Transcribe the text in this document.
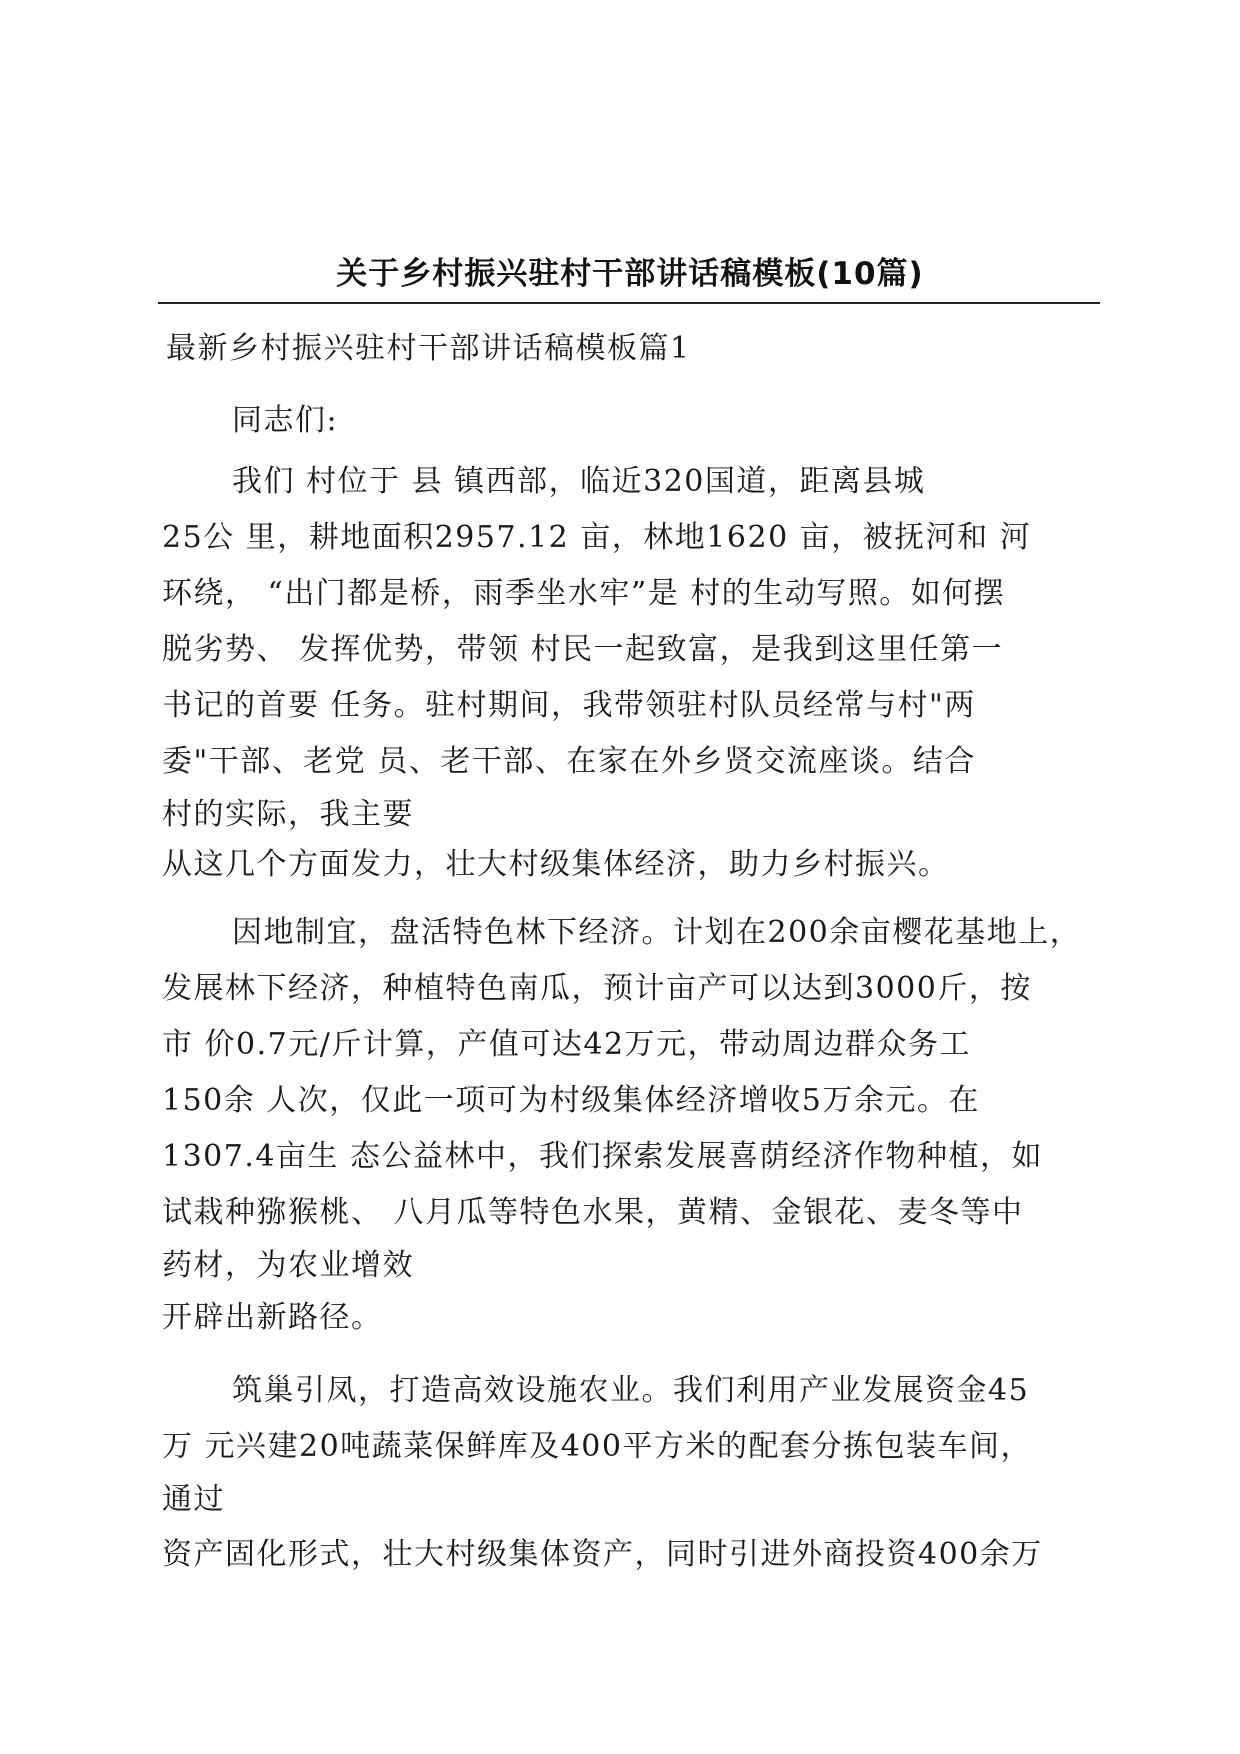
关于乡村振兴驻村干部讲话稿模板(10篇)
最新乡村振兴驻村干部讲话稿模板篇1
同志们:
我们 村位于 县 镇西部，临近320国道，距离县城
25公 里，耕地面积2957.12 亩，林地1620 亩，被抚河和 河
环绕， “出门都是桥，雨季坐水牢”是 村的生动写照。如何摆
脱劣势、 发挥优势，带领 村民一起致富，是我到这里任第一
书记的首要 任务。驻村期间，我带领驻村队员经常与村"两
委"干部、老党 员、老干部、在家在外乡贤交流座谈。结合
村的实际，我主要
从这几个方面发力，壮大村级集体经济，助力乡村振兴。
因地制宜，盘活特色林下经济。计划在200余亩樱花基地上，
发展林下经济，种植特色南瓜，预计亩产可以达到3000斤，按
市 价0.7元/斤计算，产值可达42万元，带动周边群众务工
150余 人次，仅此一项可为村级集体经济增收5万余元。在
1307.4亩生 态公益林中，我们探索发展喜荫经济作物种植，如
试栽种猕猴桃、 八月瓜等特色水果，黄精、金银花、麦冬等中
药材，为农业增效
开辟出新路径。
筑巢引凤，打造高效设施农业。我们利用产业发展资金45
万 元兴建20吨蔬菜保鲜库及400平方米的配套分拣包装车间，
通过
资产固化形式，壮大村级集体资产，同时引进外商投资400余万
